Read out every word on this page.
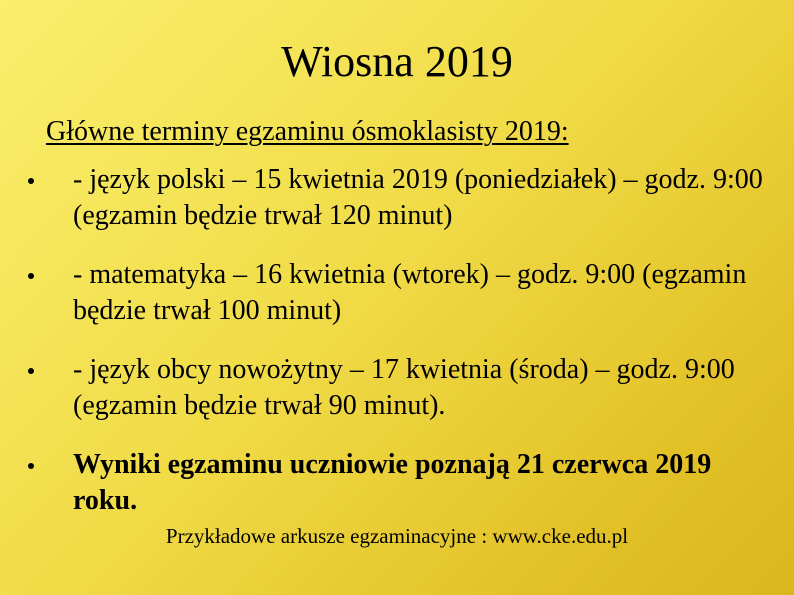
Wiosna 2019
Główne terminy egzaminu ósmoklasisty 2019:
- język polski – 15 kwietnia 2019 (poniedziałek) – godz. 9:00 (egzamin będzie trwał 120 minut)
- matematyka – 16 kwietnia (wtorek) – godz. 9:00 (egzamin będzie trwał 100 minut)
- język obcy nowożytny – 17 kwietnia (środa) – godz. 9:00 (egzamin będzie trwał 90 minut).
Wyniki egzaminu uczniowie poznają 21 czerwca 2019 roku.
Przykładowe arkusze egzaminacyjne : www.cke.edu.pl
